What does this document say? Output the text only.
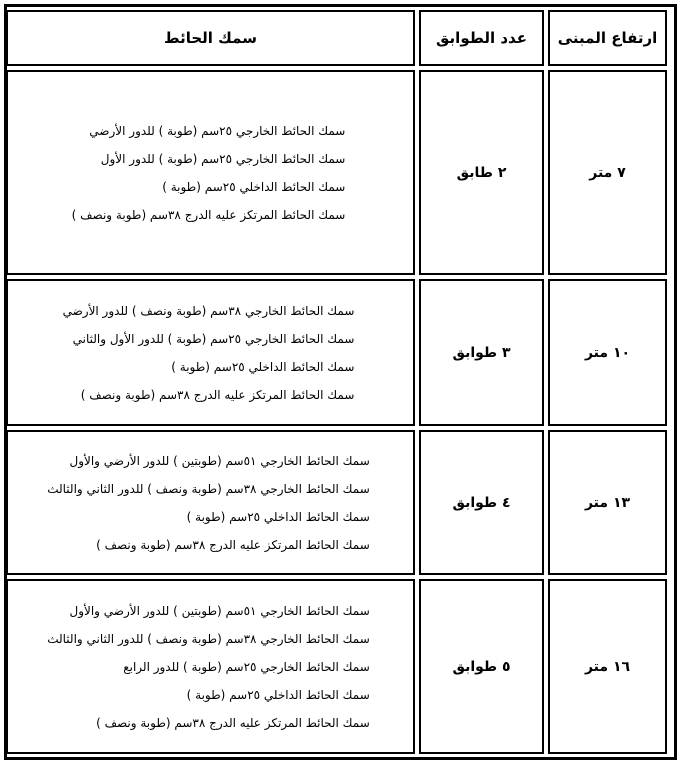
ارتفاع المبنى
عدد الطوابق
سمك الحائط
٧ متر
٢ طابق
سمك الحائط الخارجي ٢٥سم (طوبة ) للدور الأرضي
سمك الحائط الخارجي ٢٥سم (طوبة ) للدور الأول
سمك الحائط الداخلي ٢٥سم (طوبة )
سمك الحائط المرتكز عليه الدرج ٣٨سم (طوبة ونصف )
١٠ متر
٣ طوابق
سمك الحائط الخارجي ٣٨سم (طوبة ونصف ) للدور الأرضي
سمك الحائط الخارجي ٢٥سم (طوبة ) للدور الأول والثاني
سمك الحائط الداخلي ٢٥سم (طوبة )
سمك الحائط المرتكز عليه الدرج ٣٨سم (طوبة ونصف )
١٣ متر
٤ طوابق
سمك الحائط الخارجي ٥١سم (طوبتين ) للدور الأرضي والأول
سمك الحائط الخارجي ٣٨سم (طوبة ونصف ) للدور الثاني والثالث
سمك الحائط الداخلي ٢٥سم (طوبة )
سمك الحائط المرتكز عليه الدرج ٣٨سم (طوبة ونصف )
١٦ متر
٥ طوابق
سمك الحائط الخارجي ٥١سم (طوبتين ) للدور الأرضي والأول
سمك الحائط الخارجي ٣٨سم (طوبة ونصف ) للدور الثاني والثالث
سمك الحائط الخارجي ٢٥سم (طوبة ) للدور الرابع
سمك الحائط الداخلي ٢٥سم (طوبة )
سمك الحائط المرتكز عليه الدرج ٣٨سم (طوبة ونصف )
